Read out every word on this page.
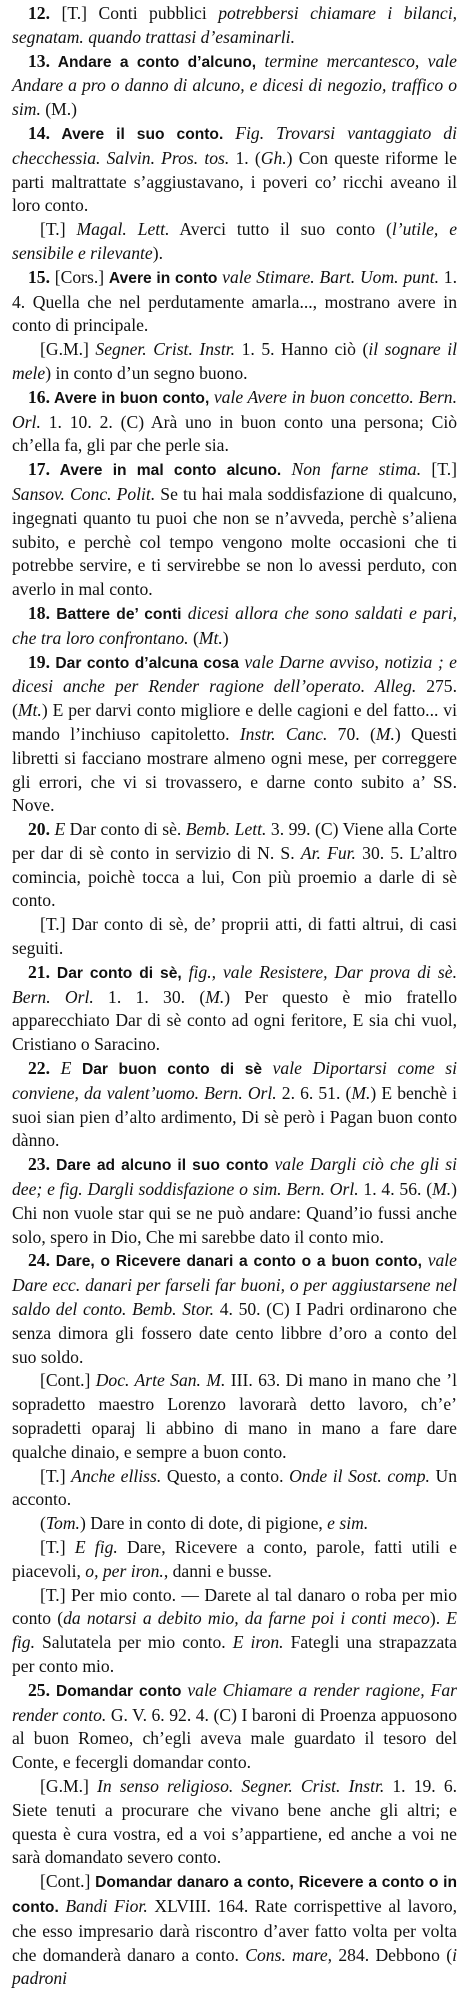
12. [T.] Conti pubblici potrebbersi chiamare i bilanci, segnatam. quando trattasi d’esaminarli.

13. Andare a conto d’alcuno, termine mercantesco, vale Andare a pro o danno di alcuno, e dicesi di negozio, traffico o sim. (M.)

14. Avere il suo conto. Fig. Trovarsi vantaggiato di checchessia. Salvin. Pros. tos. 1. (Gh.) Con queste riforme le parti maltrattate s’aggiustavano, i poveri co’ ricchi aveano il loro conto.

[T.] Magal. Lett. Averci tutto il suo conto (l’utile, e sensibile e rilevante).

15. [Cors.] Avere in conto vale Stimare. Bart. Uom. punt. 1. 4. Quella che nel perdutamente amarla..., mostrano avere in conto di principale.

[G.M.] Segner. Crist. Instr. 1. 5. Hanno ciò (il sognare il mele) in conto d’un segno buono.

16. Avere in buon conto, vale Avere in buon concetto. Bern. Orl. 1. 10. 2. (C) Arà uno in buon conto una persona; Ciò ch’ella fa, gli par che perle sia.

17. Avere in mal conto alcuno. Non farne stima. [T.] Sansov. Conc. Polit. Se tu hai mala soddisfazione di qualcuno, ingegnati quanto tu puoi che non se n’avveda, perchè s’aliena subito, e perchè col tempo vengono molte occasioni che ti potrebbe servire, e ti servirebbe se non lo avessi perduto, con averlo in mal conto.

18. Battere de’ conti dicesi allora che sono saldati e pari, che tra loro confrontano. (Mt.)

19. Dar conto d’alcuna cosa vale Darne avviso, notizia ; e dicesi anche per Render ragione dell’operato. Alleg. 275. (Mt.) E per darvi conto migliore e delle cagioni e del fatto... vi mando l’inchiuso capitoletto. Instr. Canc. 70. (M.) Questi libretti si facciano mostrare almeno ogni mese, per correggere gli errori, che vi si trovassero, e darne conto subito a’ SS. Nove.

20. E Dar conto di sè. Bemb. Lett. 3. 99. (C) Viene alla Corte per dar di sè conto in servizio di N. S. Ar. Fur. 30. 5. L’altro comincia, poichè tocca a lui, Con più proemio a darle di sè conto.

[T.] Dar conto di sè, de’ proprii atti, di fatti altrui, di casi seguiti.

21. Dar conto di sè, fig., vale Resistere, Dar prova di sè. Bern. Orl. 1. 1. 30. (M.) Per questo è mio fratello apparecchiato Dar di sè conto ad ogni feritore, E sia chi vuol, Cristiano o Saracino.

22. E Dar buon conto di sè vale Diportarsi come si conviene, da valent’uomo. Bern. Orl. 2. 6. 51. (M.) E benchè i suoi sian pien d’alto ardimento, Di sè però i Pagan buon conto dànno.

23. Dare ad alcuno il suo conto vale Dargli ciò che gli si dee; e fig. Dargli soddisfazione o sim. Bern. Orl. 1. 4. 56. (M.) Chi non vuole star qui se ne può andare: Quand’io fussi anche solo, spero in Dio, Che mi sarebbe dato il conto mio.

24. Dare, o Ricevere danari a conto o a buon conto, vale Dare ecc. danari per farseli far buoni, o per aggiustarsene nel saldo del conto. Bemb. Stor. 4. 50. (C) I Padri ordinarono che senza dimora gli fossero date cento libbre d’oro a conto del suo soldo.

[Cont.] Doc. Arte San. M. III. 63. Di mano in mano che ’l sopradetto maestro Lorenzo lavorarà detto lavoro, ch’e’ sopradetti oparaj li abbino di mano in mano a fare dare qualche dinaio, e sempre a buon conto.

[T.] Anche elliss. Questo, a conto. Onde il Sost. comp. Un acconto.

(Tom.) Dare in conto di dote, di pigione, e sim.

[T.] E fig. Dare, Ricevere a conto, parole, fatti utili e piacevoli, o, per iron., danni e busse.

[T.] Per mio conto. — Darete al tal danaro o roba per mio conto (da notarsi a debito mio, da farne poi i conti meco). E fig. Salutatela per mio conto. E iron. Fategli una strapazzata per conto mio.

25. Domandar conto vale Chiamare a render ragione, Far render conto. G. V. 6. 92. 4. (C) I baroni di Proenza appuosono al buon Romeo, ch’egli aveva male guardato il tesoro del Conte, e fecergli domandar conto.

[G.M.] In senso religioso. Segner. Crist. Instr. 1. 19. 6. Siete tenuti a procurare che vivano bene anche gli altri; e questa è cura vostra, ed a voi s’appartiene, ed anche a voi ne sarà domandato severo conto.

[Cont.] Domandar danaro a conto, Ricevere a conto o in conto. Bandi Fior. XLVIII. 164. Rate corrispettive al lavoro, che esso impresario darà riscontro d’aver fatto volta per volta che domanderà danaro a conto. Cons. mare, 284. Debbono (i padroni
